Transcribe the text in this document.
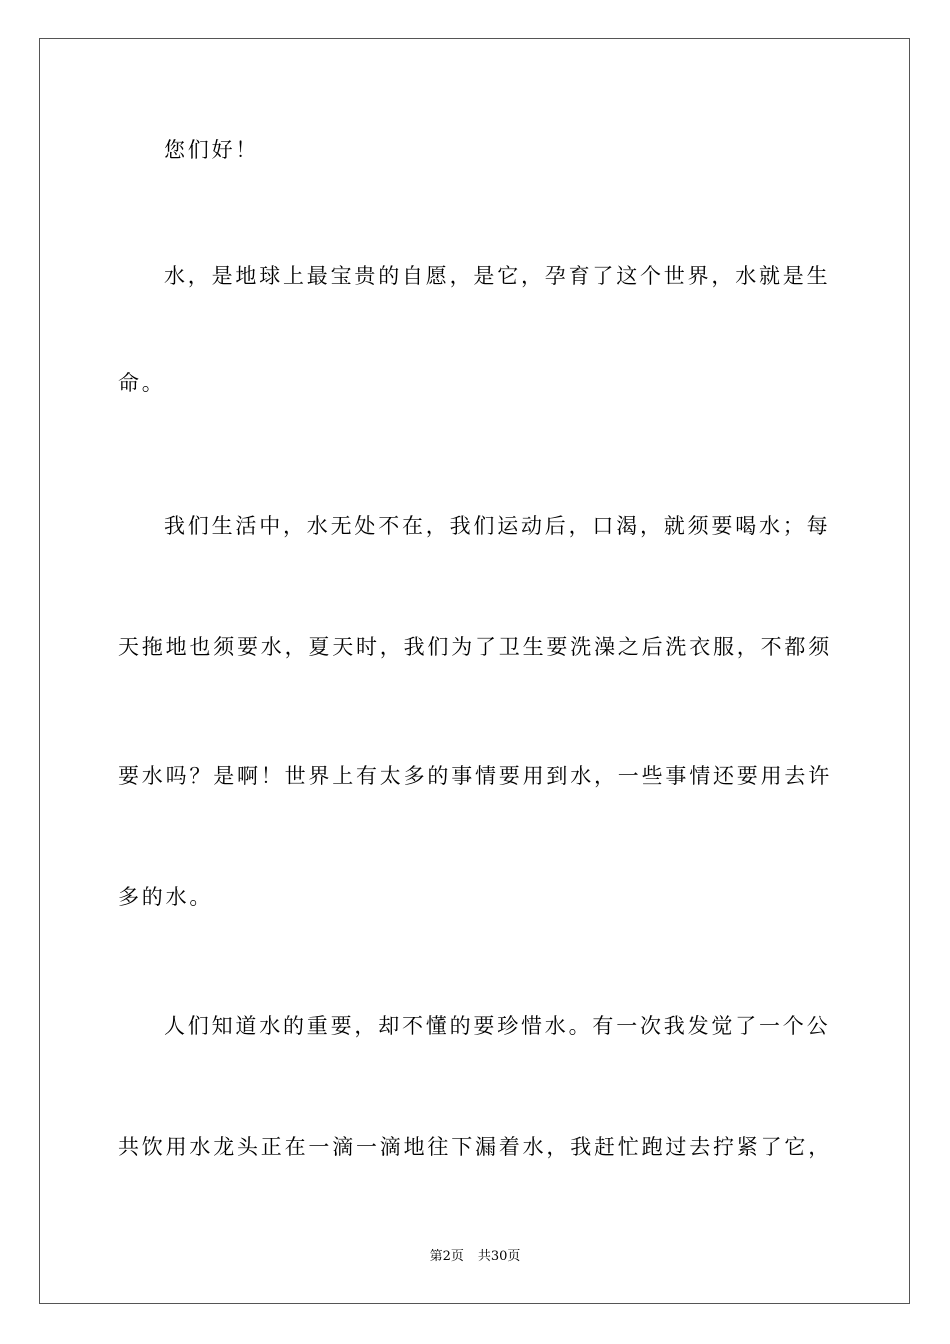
您们好！
水，是地球上最宝贵的自愿，是它，孕育了这个世界，水就是生
命。
我们生活中，水无处不在，我们运动后，口渴，就须要喝水；每
天拖地也须要水，夏天时，我们为了卫生要洗澡之后洗衣服，不都须
要水吗？是啊！世界上有太多的事情要用到水，一些事情还要用去许
多的水。
人们知道水的重要，却不懂的要珍惜水。有一次我发觉了一个公
共饮用水龙头正在一滴一滴地往下漏着水，我赶忙跑过去拧紧了它，
第2页 共30页
